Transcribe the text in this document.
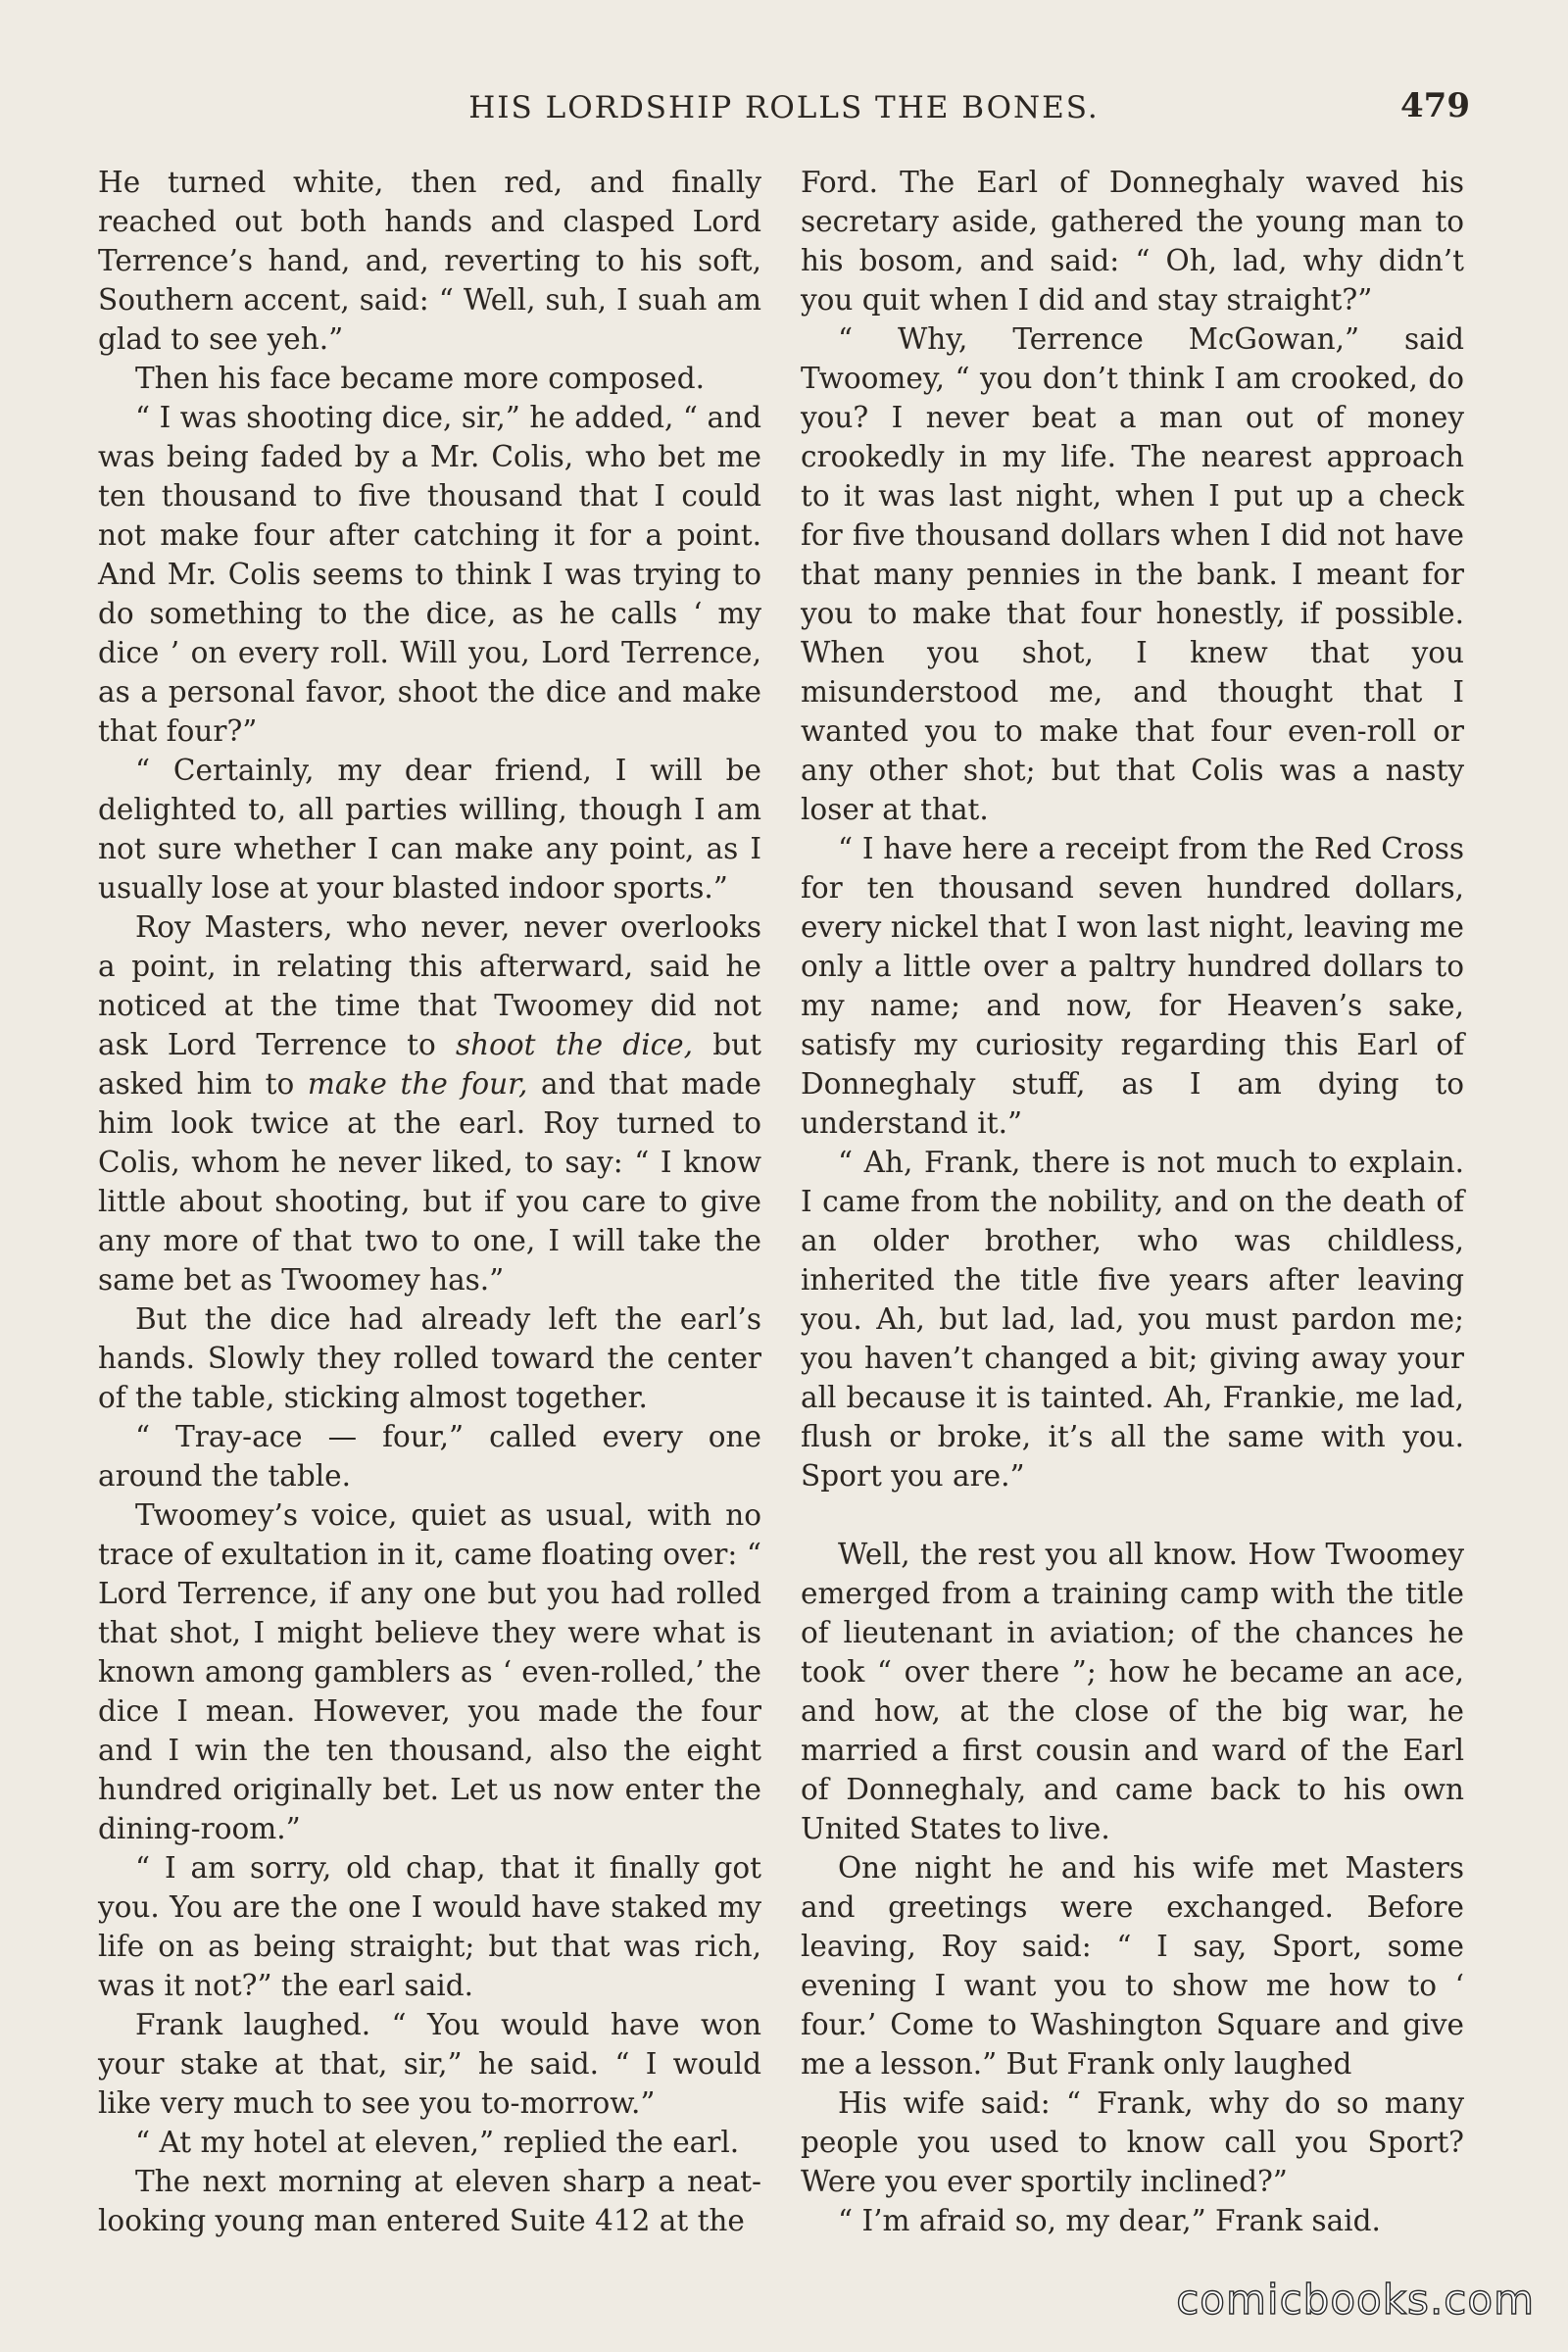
HIS LORDSHIP ROLLS THE BONES.	479

He turned white, then red, and finally reached out both hands and clasped Lord Terrence’s hand, and, reverting to his soft, Southern accent, said: “ Well, suh, I suah am glad to see yeh.”

Then his face became more composed.

“ I was shooting dice, sir,” he added, “ and was being faded by a Mr. Colis, who bet me ten thousand to five thousand that I could not make four after catching it for a point. And Mr. Colis seems to think I was trying to do something to the dice, as he calls ‘ my dice ’ on every roll. Will you, Lord Terrence, as a personal favor, shoot the dice and make that four?”

“ Certainly, my dear friend, I will be delighted to, all parties willing, though I am not sure whether I can make any point, as I usually lose at your blasted indoor sports.”

Roy Masters, who never, never overlooks a point, in relating this afterward, said he noticed at the time that Twoomey did not ask Lord Terrence to shoot the dice, but asked him to make the four, and that made him look twice at the earl. Roy turned to Colis, whom he never liked, to say: “ I know little about shooting, but if you care to give any more of that two to one, I will take the same bet as Twoomey has.”

But the dice had already left the earl’s hands. Slowly they rolled toward the center of the table, sticking almost together.

“ Tray-ace — four,” called every one around the table.

Twoomey’s voice, quiet as usual, with no trace of exultation in it, came floating over: “ Lord Terrence, if any one but you had rolled that shot, I might believe they were what is known among gamblers as ‘ even-rolled,’ the dice I mean. However, you made the four and I win the ten thousand, also the eight hundred originally bet. Let us now enter the dining-room.”

“ I am sorry, old chap, that it finally got you. You are the one I would have staked my life on as being straight; but that was rich, was it not?” the earl said.

Frank laughed. “ You would have won your stake at that, sir,” he said. “ I would like very much to see you to-morrow.”

“ At my hotel at eleven,” replied the earl.

The next morning at eleven sharp a neat-looking young man entered Suite 412 at the

Ford. The Earl of Donneghaly waved his secretary aside, gathered the young man to his bosom, and said: “ Oh, lad, why didn’t you quit when I did and stay straight?”

“ Why, Terrence McGowan,” said Twoomey, “ you don’t think I am crooked, do you? I never beat a man out of money crookedly in my life. The nearest approach to it was last night, when I put up a check for five thousand dollars when I did not have that many pennies in the bank. I meant for you to make that four honestly, if possible. When you shot, I knew that you misunderstood me, and thought that I wanted you to make that four even-roll or any other shot; but that Colis was a nasty loser at that.

“ I have here a receipt from the Red Cross for ten thousand seven hundred dollars, every nickel that I won last night, leaving me only a little over a paltry hundred dollars to my name; and now, for Heaven’s sake, satisfy my curiosity regarding this Earl of Donneghaly stuff, as I am dying to understand it.”

“ Ah, Frank, there is not much to explain. I came from the nobility, and on the death of an older brother, who was childless, inherited the title five years after leaving you. Ah, but lad, lad, you must pardon me; you haven’t changed a bit; giving away your all because it is tainted. Ah, Frankie, me lad, flush or broke, it’s all the same with you. Sport you are.”

Well, the rest you all know. How Twoomey emerged from a training camp with the title of lieutenant in aviation; of the chances he took “ over there ”; how he became an ace, and how, at the close of the big war, he married a first cousin and ward of the Earl of Donneghaly, and came back to his own United States to live.

One night he and his wife met Masters and greetings were exchanged. Before leaving, Roy said: “ I say, Sport, some evening I want you to show me how to ‘ four.’ Come to Washington Square and give me a lesson.” But Frank only laughed

His wife said: “ Frank, why do so many people you used to know call you Sport? Were you ever sportily inclined?”

“ I’m afraid so, my dear,” Frank said.

comicbooks.com
